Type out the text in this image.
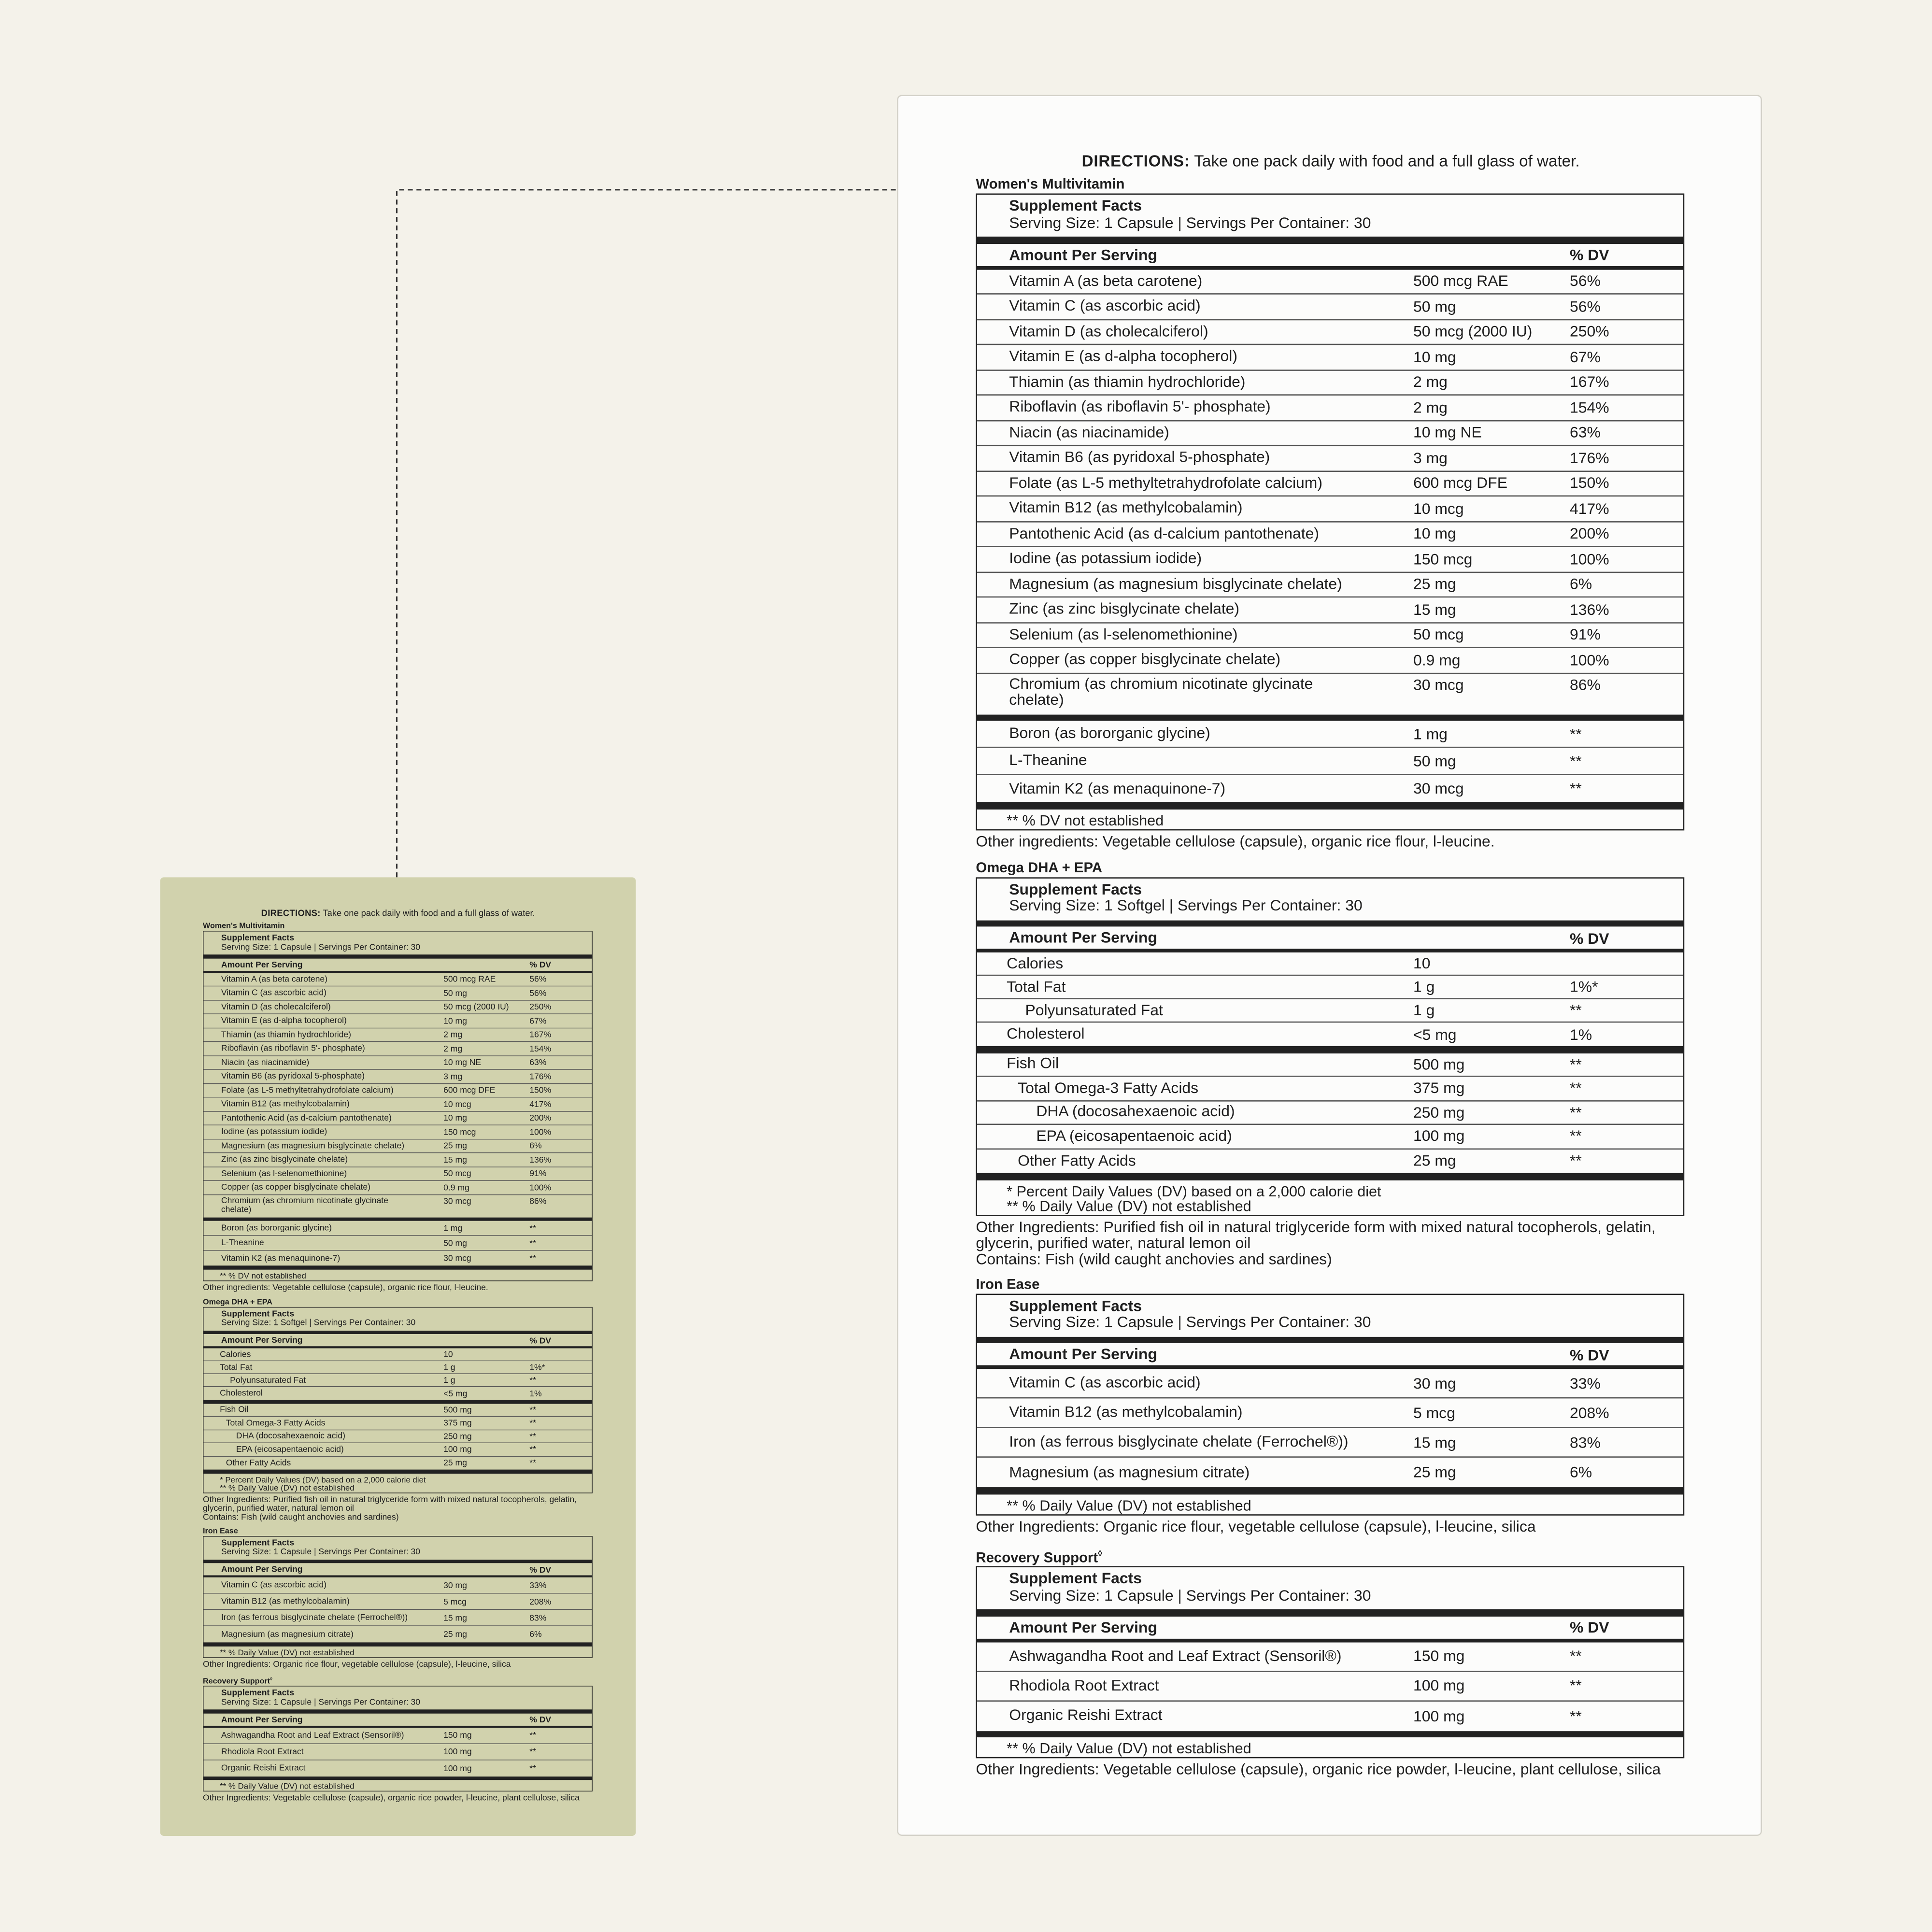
DIRECTIONS: Take one pack daily with food and a full glass of water.

Women's Multivitamin

Supplement Facts
Serving Size: 1 Capsule | Servings Per Container: 30
Amount Per Serving	% DV
Vitamin A (as beta carotene)	500 mcg RAE	56%
Vitamin C (as ascorbic acid)	50 mg	56%
Vitamin D (as cholecalciferol)	50 mcg (2000 IU)	250%
Vitamin E (as d-alpha tocopherol)	10 mg	67%
Thiamin (as thiamin hydrochloride)	2 mg	167%
Riboflavin (as riboflavin 5'- phosphate)	2 mg	154%
Niacin (as niacinamide)	10 mg NE	63%
Vitamin B6 (as pyridoxal 5-phosphate)	3 mg	176%
Folate (as L-5 methyltetrahydrofolate calcium)	600 mcg DFE	150%
Vitamin B12 (as methylcobalamin)	10 mcg	417%
Pantothenic Acid (as d-calcium pantothenate)	10 mg	200%
Iodine (as potassium iodide)	150 mcg	100%
Magnesium (as magnesium bisglycinate chelate)	25 mg	6%
Zinc (as zinc bisglycinate chelate)	15 mg	136%
Selenium (as l-selenomethionine)	50 mcg	91%
Copper (as copper bisglycinate chelate)	0.9 mg	100%
Chromium (as chromium nicotinate glycinate chelate)
30 mcg	86%
Boron (as bororganic glycine)	1 mg	**
L-Theanine	50 mg	**
Vitamin K2 (as menaquinone-7)	30 mcg	**
** % DV not established
Other ingredients: Vegetable cellulose (capsule), organic rice flour, l-leucine.

Omega DHA + EPA

Supplement Facts
Serving Size: 1 Softgel | Servings Per Container: 30
Amount Per Serving	% DV
Calories	10
Total Fat	1 g	1%*
Polyunsaturated Fat	1 g	**
Cholesterol	<5 mg	1%
Fish Oil	500 mg	**
Total Omega-3 Fatty Acids	375 mg	**
DHA (docosahexaenoic acid)	250 mg	**
EPA (eicosapentaenoic acid)	100 mg	**
Other Fatty Acids	25 mg	**
* Percent Daily Values (DV) based on a 2,000 calorie diet
** % Daily Value (DV) not established
Other Ingredients: Purified fish oil in natural triglyceride form with mixed natural tocopherols, gelatin, glycerin, purified water, natural lemon oil
Contains: Fish (wild caught anchovies and sardines)

Iron Ease

Supplement Facts
Serving Size: 1 Capsule | Servings Per Container: 30
Amount Per Serving	% DV
Vitamin C (as ascorbic acid)	30 mg	33%
Vitamin B12 (as methylcobalamin)	5 mcg	208%
Iron (as ferrous bisglycinate chelate (Ferrochel®))	15 mg	83%
Magnesium (as magnesium citrate)	25 mg	6%
** % Daily Value (DV) not established
Other Ingredients: Organic rice flour, vegetable cellulose (capsule), l-leucine, silica

Recovery Support◊

Supplement Facts
Serving Size: 1 Capsule | Servings Per Container: 30
Amount Per Serving	% DV
Ashwagandha Root and Leaf Extract (Sensoril®)	150 mg	**
Rhodiola Root Extract	100 mg	**
Organic Reishi Extract	100 mg	**
** % Daily Value (DV) not established
Other Ingredients: Vegetable cellulose (capsule), organic rice powder, l-leucine, plant cellulose, silica

DIRECTIONS: Take one pack daily with food and a full glass of water.

Women's Multivitamin

Supplement Facts
Serving Size: 1 Capsule | Servings Per Container: 30
Amount Per Serving	% DV
Vitamin A (as beta carotene)	500 mcg RAE	56%
Vitamin C (as ascorbic acid)	50 mg	56%
Vitamin D (as cholecalciferol)	50 mcg (2000 IU)	250%
Vitamin E (as d-alpha tocopherol)	10 mg	67%
Thiamin (as thiamin hydrochloride)	2 mg	167%
Riboflavin (as riboflavin 5'- phosphate)	2 mg	154%
Niacin (as niacinamide)	10 mg NE	63%
Vitamin B6 (as pyridoxal 5-phosphate)	3 mg	176%
Folate (as L-5 methyltetrahydrofolate calcium)	600 mcg DFE	150%
Vitamin B12 (as methylcobalamin)	10 mcg	417%
Pantothenic Acid (as d-calcium pantothenate)	10 mg	200%
Iodine (as potassium iodide)	150 mcg	100%
Magnesium (as magnesium bisglycinate chelate)	25 mg	6%
Zinc (as zinc bisglycinate chelate)	15 mg	136%
Selenium (as l-selenomethionine)	50 mcg	91%
Copper (as copper bisglycinate chelate)	0.9 mg	100%
Chromium (as chromium nicotinate glycinate chelate)
30 mcg	86%
Boron (as bororganic glycine)	1 mg	**
L-Theanine	50 mg	**
Vitamin K2 (as menaquinone-7)	30 mcg	**
** % DV not established
Other ingredients: Vegetable cellulose (capsule), organic rice flour, l-leucine.

Omega DHA + EPA

Supplement Facts
Serving Size: 1 Softgel | Servings Per Container: 30
Amount Per Serving	% DV
Calories	10
Total Fat	1 g	1%*
Polyunsaturated Fat	1 g	**
Cholesterol	<5 mg	1%
Fish Oil	500 mg	**
Total Omega-3 Fatty Acids	375 mg	**
DHA (docosahexaenoic acid)	250 mg	**
EPA (eicosapentaenoic acid)	100 mg	**
Other Fatty Acids	25 mg	**
* Percent Daily Values (DV) based on a 2,000 calorie diet
** % Daily Value (DV) not established
Other Ingredients: Purified fish oil in natural triglyceride form with mixed natural tocopherols, gelatin, glycerin, purified water, natural lemon oil
Contains: Fish (wild caught anchovies and sardines)

Iron Ease

Supplement Facts
Serving Size: 1 Capsule | Servings Per Container: 30
Amount Per Serving	% DV
Vitamin C (as ascorbic acid)	30 mg	33%
Vitamin B12 (as methylcobalamin)	5 mcg	208%
Iron (as ferrous bisglycinate chelate (Ferrochel®))	15 mg	83%
Magnesium (as magnesium citrate)	25 mg	6%
** % Daily Value (DV) not established
Other Ingredients: Organic rice flour, vegetable cellulose (capsule), l-leucine, silica

Recovery Support◊

Supplement Facts
Serving Size: 1 Capsule | Servings Per Container: 30
Amount Per Serving	% DV
Ashwagandha Root and Leaf Extract (Sensoril®)	150 mg	**
Rhodiola Root Extract	100 mg	**
Organic Reishi Extract	100 mg	**
** % Daily Value (DV) not established
Other Ingredients: Vegetable cellulose (capsule), organic rice powder, l-leucine, plant cellulose, silica
